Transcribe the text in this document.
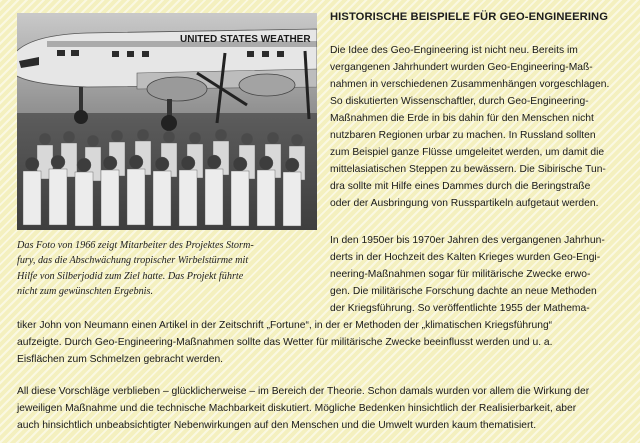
UNITED STATES WEATHER

Das Foto von 1966 zeigt Mitarbeiter des Projektes Storm-

fury, das die Abschwächung tropischer Wirbelstürme mit

Hilfe von Silberjodid zum Ziel hatte. Das Projekt führte

nicht zum gewünschten Ergebnis.

HISTORISCHE BEISPIELE FÜR GEO-ENGINEERING
Die Idee des Geo-Engineering ist nicht neu. Bereits im
vergangenen Jahrhundert wurden Geo-Engineering-Maß-
nahmen in verschiedenen Zusammenhängen vorgeschlagen.
So diskutierten Wissenschaftler, durch Geo-Engineering-
Maßnahmen die Erde in bis dahin für den Menschen nicht
nutzbaren Regionen urbar zu machen. In Russland sollten
zum Beispiel ganze Flüsse umgeleitet werden, um damit die
mittelasiatischen Steppen zu bewässern. Die Sibirische Tun-
dra sollte mit Hilfe eines Dammes durch die Beringstraße
oder der Ausbringung von Russpartikeln aufgetaut werden.
In den 1950er bis 1970er Jahren des vergangenen Jahrhun-
derts in der Hochzeit des Kalten Krieges wurden Geo-Engi-
neering-Maßnahmen sogar für militärische Zwecke erwo-
gen. Die militärische Forschung dachte an neue Methoden
der Kriegsführung. So veröffentlichte 1955 der Mathema-
tiker John von Neumann einen Artikel in der Zeitschrift „Fortune“, in der er Methoden der „klimatischen Kriegsführung“
aufzeigte. Durch Geo-Engineering-Maßnahmen sollte das Wetter für militärische Zwecke beeinflusst werden und u. a.
Eisflächen zum Schmelzen gebracht werden.
All diese Vorschläge verblieben – glücklicherweise – im Bereich der Theorie. Schon damals wurden vor allem die Wirkung der
jeweiligen Maßnahme und die technische Machbarkeit diskutiert. Mögliche Bedenken hinsichtlich der Realisierbarkeit, aber
auch hinsichtlich unbeabsichtigter Nebenwirkungen auf den Menschen und die Umwelt wurden kaum thematisiert.
